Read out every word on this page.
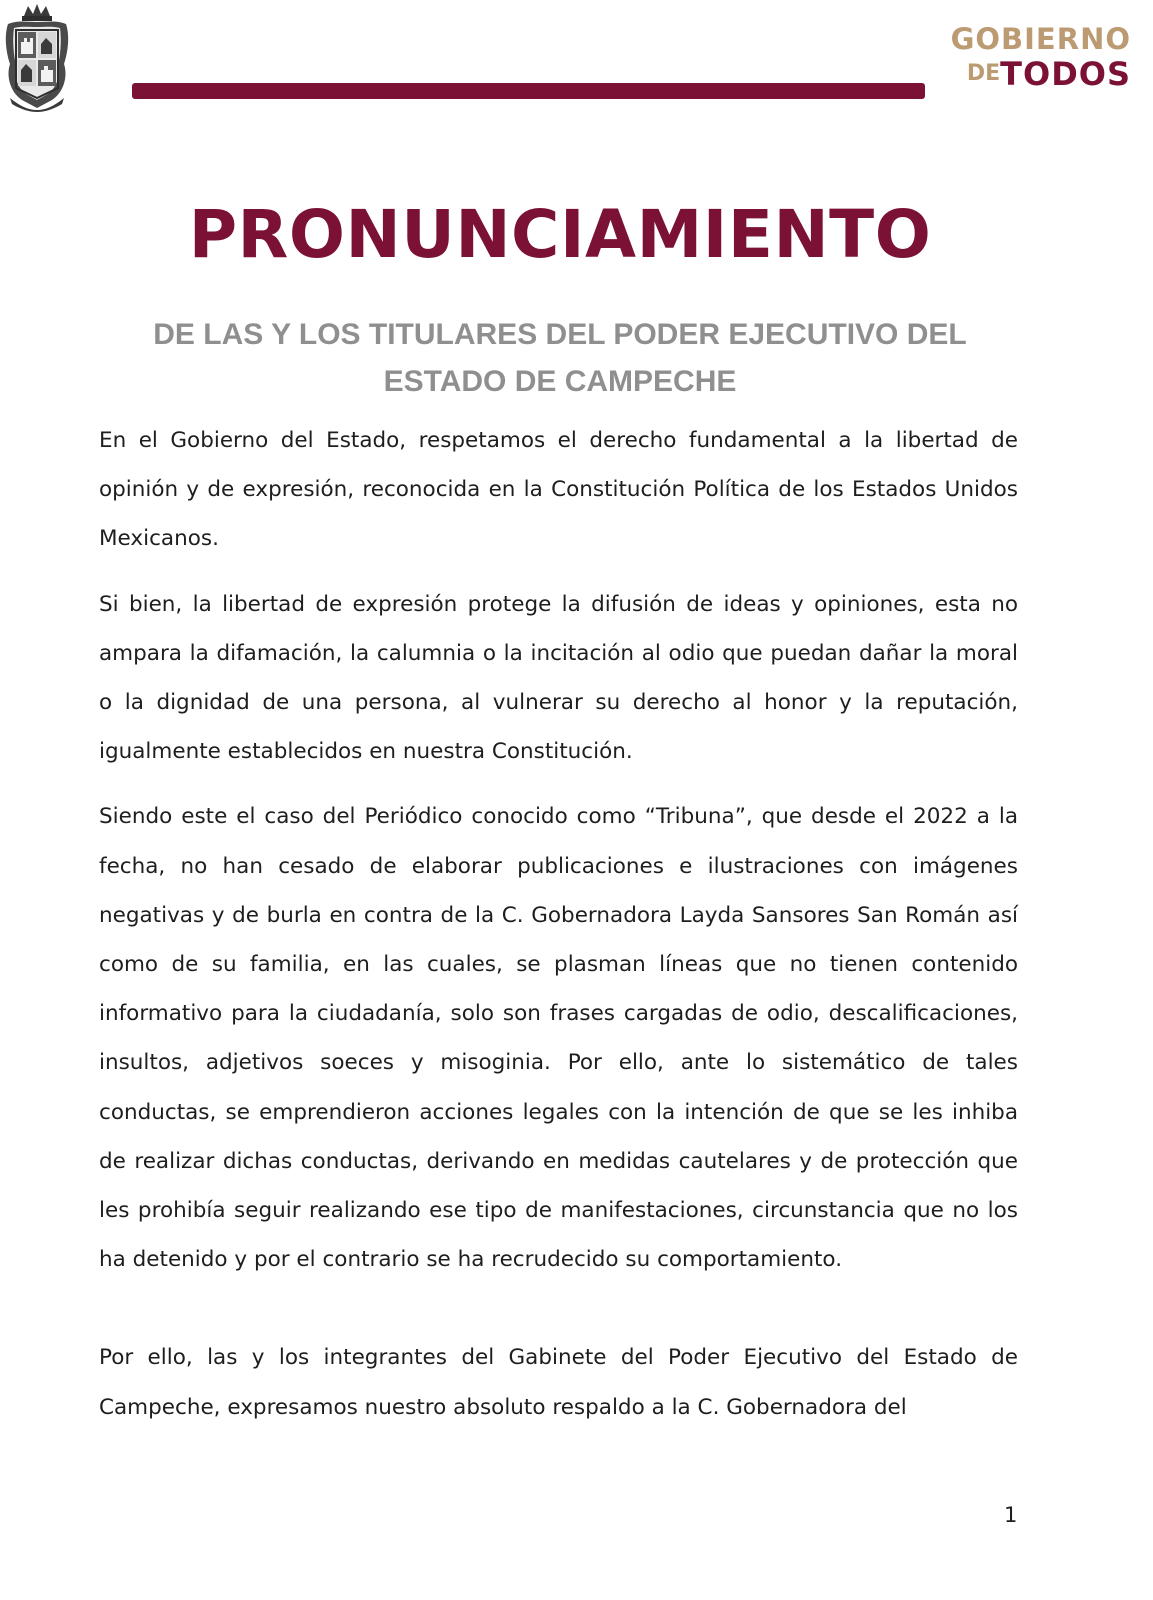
GOBIERNO
DETODOS
PRONUNCIAMIENTO
DE LAS Y LOS TITULARES DEL PODER EJECUTIVO DEL
ESTADO DE CAMPECHE

En el Gobierno del Estado, respetamos el derecho fundamental a la libertad de opinión y de expresión, reconocida en la Constitución Política de los Estados Unidos Mexicanos.

Si bien, la libertad de expresión protege la difusión de ideas y opiniones, esta no ampara la difamación, la calumnia o la incitación al odio que puedan dañar la moral o la dignidad de una persona, al vulnerar su derecho al honor y la reputación, igualmente establecidos en nuestra Constitución.

Siendo este el caso del Periódico conocido como “Tribuna”, que desde el 2022 a la fecha, no han cesado de elaborar publicaciones e ilustraciones con imágenes negativas y de burla en contra de la C. Gobernadora Layda Sansores San Román así como de su familia, en las cuales, se plasman líneas que no tienen contenido informativo para la ciudadanía, solo son frases cargadas de odio, descalificaciones, insultos, adjetivos soeces y misoginia. Por ello, ante lo sistemático de tales conductas, se emprendieron acciones legales con la intención de que se les inhiba de realizar dichas conductas, derivando en medidas cautelares y de protección que les prohibía seguir realizando ese tipo de manifestaciones, circunstancia que no los ha detenido y por el contrario se ha recrudecido su comportamiento.

Por ello, las y los integrantes del Gabinete del Poder Ejecutivo del Estado de Campeche, expresamos nuestro absoluto respaldo a la C. Gobernadora del

1
